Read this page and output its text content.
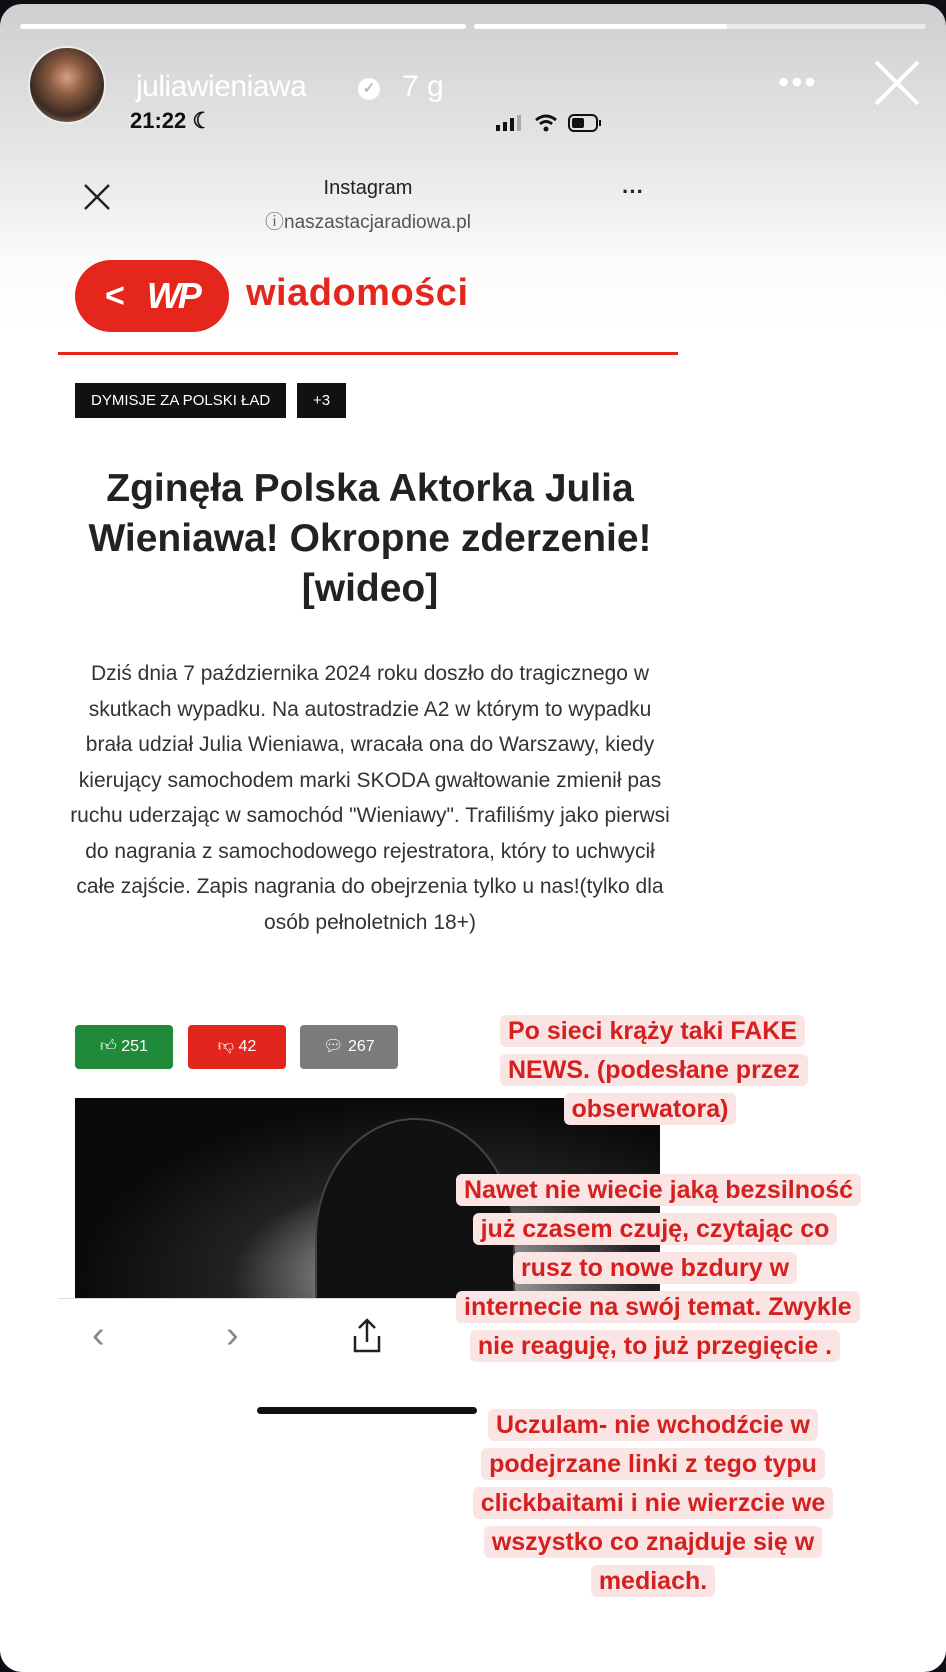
juliawieniawa	✓ 7 g	•••
21:22 ☾
Instagram
ⓘnaszastacjaradiowa.pl
···
< WP wiadomości
DYMISJE ZA POLSKI ŁAD	+3
Zginęła Polska Aktorka Julia Wieniawa! Okropne zderzenie! [wideo]
Dziś dnia 7 października 2024 roku doszło do tragicznego w skutkach wypadku. Na autostradzie A2 w którym to wypadku brała udział Julia Wieniawa, wracała ona do Warszawy, kiedy kierujący samochodem marki SKODA gwałtowanie zmienił pas ruchu uderzając w samochód "Wieniawy". Trafiliśmy jako pierwsi do nagrania z samochodowego rejestratora, który to uchwycił całe zajście. Zapis nagrania do obejrzenia tylko u nas!(tylko dla osób pełnoletnich 18+)
👍︎ 251	👎︎ 42	💬︎ 267
‹	›
Po sieci krąży taki FAKE NEWS. (podesłane przez obserwatora)
Nawet nie wiecie jaką bezsilność już czasem czuję, czytając co rusz to nowe bzdury w internecie na swój temat. Zwykle nie reaguję, to już przegięcie .
Uczulam- nie wchodźcie w podejrzane linki z tego typu clickbaitami i nie wierzcie we wszystko co znajduje się w mediach.
